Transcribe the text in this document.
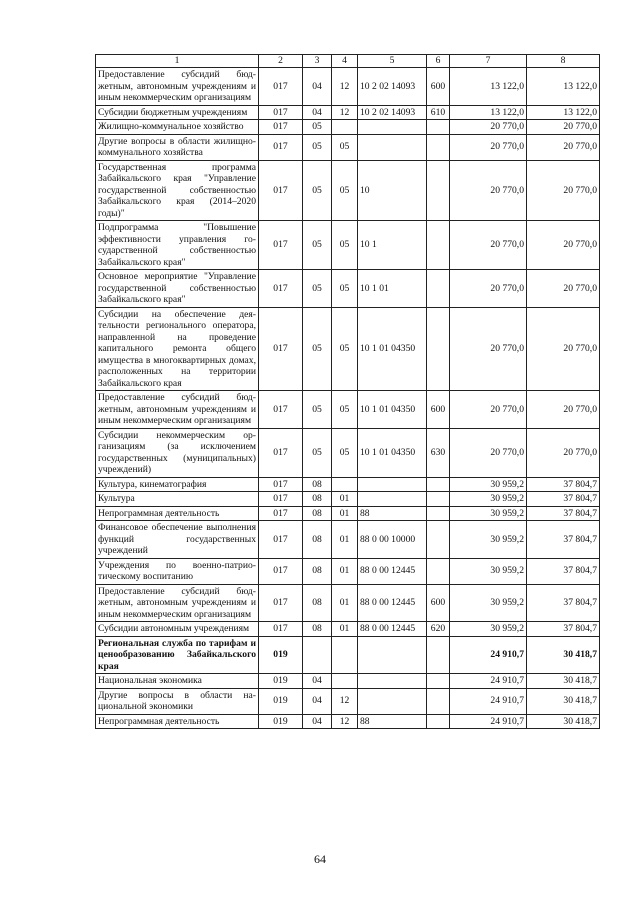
1	2	3	4	5	6	7	8
Предоставление субсидий бюджетным, автономным учреждениям и иным некоммерческим организациям	017	04	12	10 2 02 14093	600	13 122,0	13 122,0
Субсидии бюджетным учреждениям	017	04	12	10 2 02 14093	610	13 122,0	13 122,0
Жилищно-коммунальное хозяйство	017	05				20 770,0	20 770,0
Другие вопросы в области жилищно-коммунального хозяйства	017	05	05			20 770,0	20 770,0
Государственная программа Забайкальского края "Управление государственной собственностью Забайкальского края (2014–2020 годы)"	017	05	05	10		20 770,0	20 770,0
Подпрограмма "Повышение эффективности управления государственной собственностью Забайкальского края"	017	05	05	10 1		20 770,0	20 770,0
Основное мероприятие "Управление государственной собственностью Забайкальского края"	017	05	05	10 1 01		20 770,0	20 770,0
Субсидии на обеспечение деятельности регионального оператора, направленной на проведение капитального ремонта общего имущества в многоквартирных домах, расположенных на территории Забайкальского края	017	05	05	10 1 01 04350		20 770,0	20 770,0
Предоставление субсидий бюджетным, автономным учреждениям и иным некоммерческим организациям	017	05	05	10 1 01 04350	600	20 770,0	20 770,0
Субсидии некоммерческим организациям (за исключением государственных (муниципальных) учреждений)	017	05	05	10 1 01 04350	630	20 770,0	20 770,0
Культура, кинематография	017	08				30 959,2	37 804,7
Культура	017	08	01			30 959,2	37 804,7
Непрограммная деятельность	017	08	01	88		30 959,2	37 804,7
Финансовое обеспечение выполнения функций государственных учреждений	017	08	01	88 0 00 10000		30 959,2	37 804,7
Учреждения по военно-патриотическому воспитанию	017	08	01	88 0 00 12445		30 959,2	37 804,7
Предоставление субсидий бюджетным, автономным учреждениям и иным некоммерческим организациям	017	08	01	88 0 00 12445	600	30 959,2	37 804,7
Субсидии автономным учреждениям	017	08	01	88 0 00 12445	620	30 959,2	37 804,7
Региональная служба по тарифам и ценообразованию Забайкальского края	019					24 910,7	30 418,7
Национальная экономика	019	04				24 910,7	30 418,7
Другие вопросы в области национальной экономики	019	04	12			24 910,7	30 418,7
Непрограммная деятельность	019	04	12	88		24 910,7	30 418,7
64
